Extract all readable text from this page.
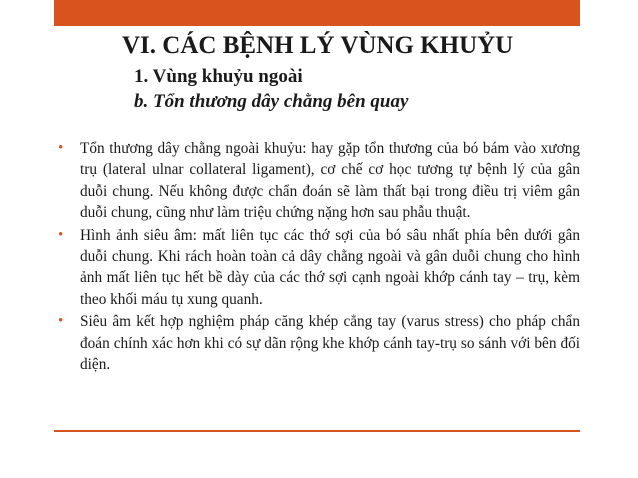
VI. CÁC BỆNH LÝ VÙNG KHUỶU
1. Vùng khuỷu ngoài
b. Tổn thương dây chằng bên quay
• Tổn thương dây chằng ngoài khuỷu: hay gặp tổn thương của bó bám vào xương trụ (lateral ulnar collateral ligament), cơ chế cơ học tương tự bệnh lý của gân duỗi chung. Nếu không được chẩn đoán sẽ làm thất bại trong điều trị viêm gân duỗi chung, cũng như làm triệu chứng nặng hơn sau phẫu thuật.
• Hình ảnh siêu âm: mất liên tục các thớ sợi của bó sâu nhất phía bên dưới gân duỗi chung. Khi rách hoàn toàn cả dây chằng ngoài và gân duỗi chung cho hình ảnh mất liên tục hết bề dày của các thớ sợi cạnh ngoài khớp cánh tay – trụ, kèm theo khối máu tụ xung quanh.
• Siêu âm kết hợp nghiệm pháp căng khép cẳng tay (varus stress) cho pháp chẩn đoán chính xác hơn khi có sự dãn rộng khe khớp cánh tay-trụ so sánh với bên đối diện.
